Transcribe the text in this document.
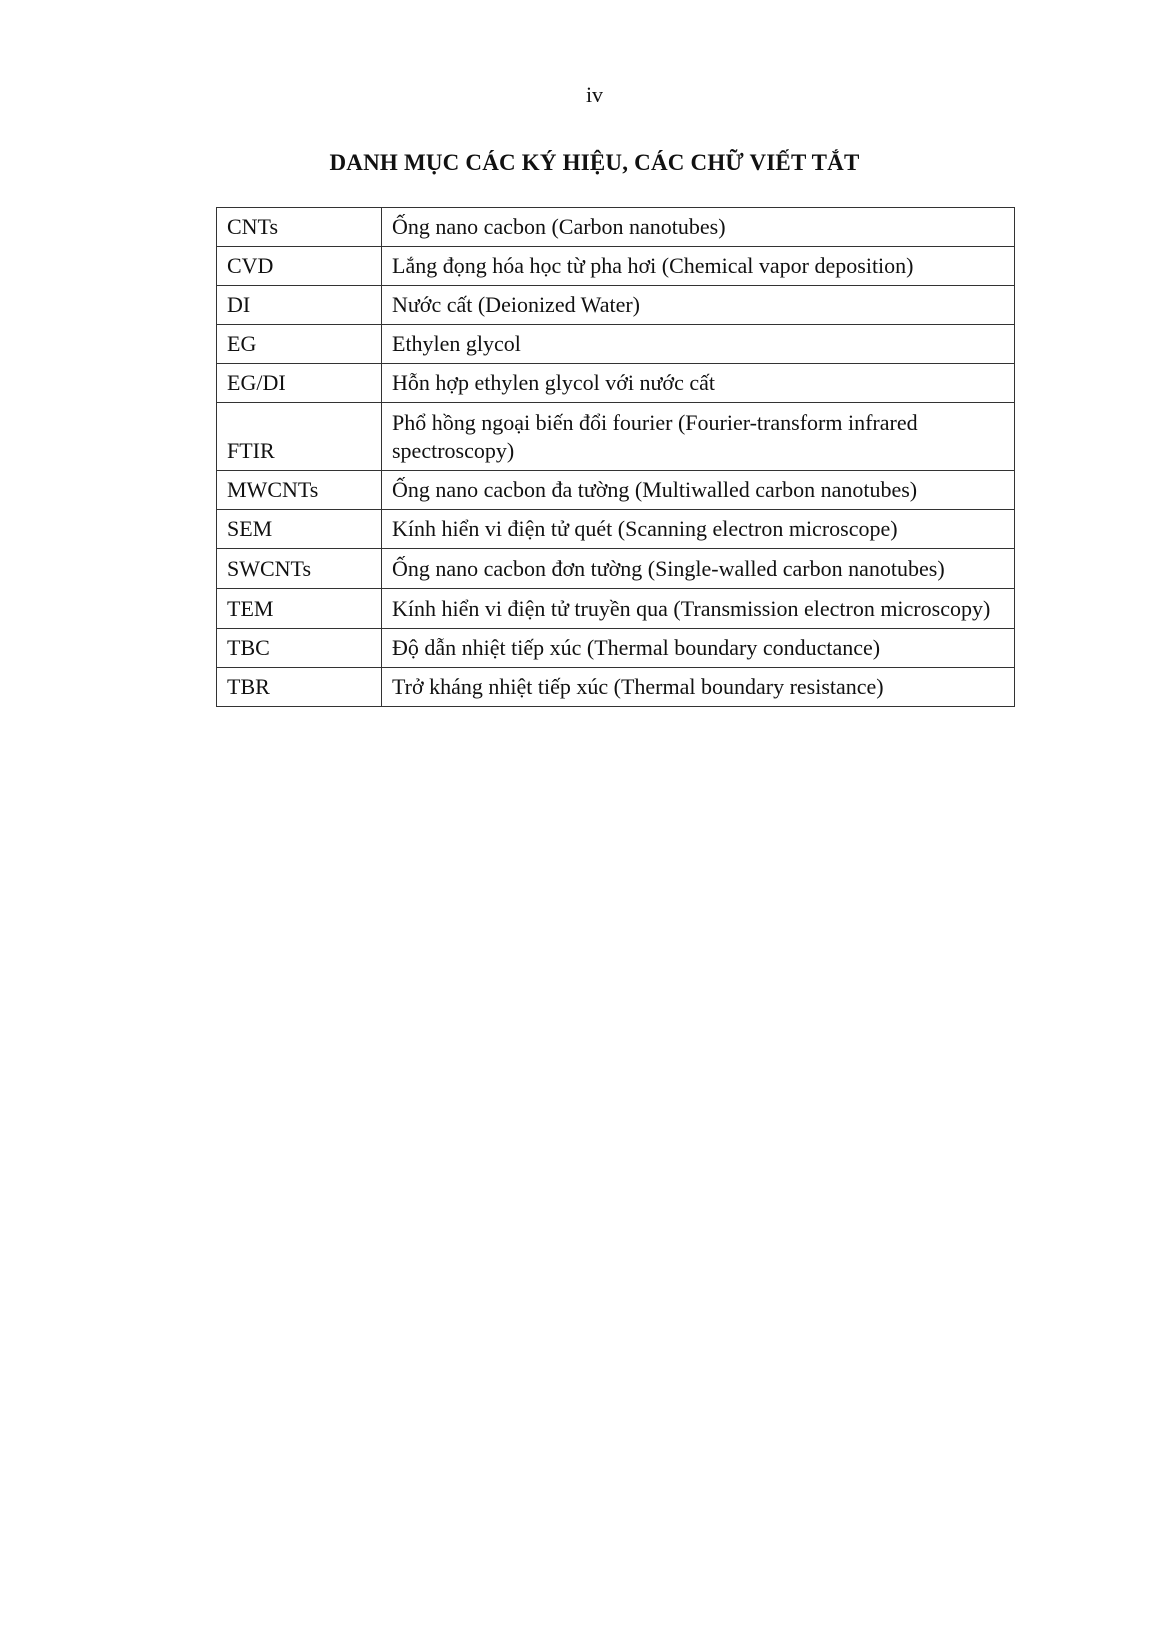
iv
DANH MỤC CÁC KÝ HIỆU, CÁC CHỮ VIẾT TẮT
CNTs	Ống nano cacbon (Carbon nanotubes)
CVD	Lắng đọng hóa học từ pha hơi (Chemical vapor deposition)
DI	Nước cất (Deionized Water)
EG	Ethylen glycol
EG/DI	Hỗn hợp ethylen glycol với nước cất
FTIR	Phổ hồng ngoại biến đổi fourier (Fourier-transform infrared spectroscopy)
MWCNTs	Ống nano cacbon đa tường (Multiwalled carbon nanotubes)
SEM	Kính hiển vi điện tử quét (Scanning electron microscope)
SWCNTs	Ống nano cacbon đơn tường (Single-walled carbon nanotubes)
TEM	Kính hiển vi điện tử truyền qua (Transmission electron microscopy)
TBC	Độ dẫn nhiệt tiếp xúc (Thermal boundary conductance)
TBR	Trở kháng nhiệt tiếp xúc (Thermal boundary resistance)
